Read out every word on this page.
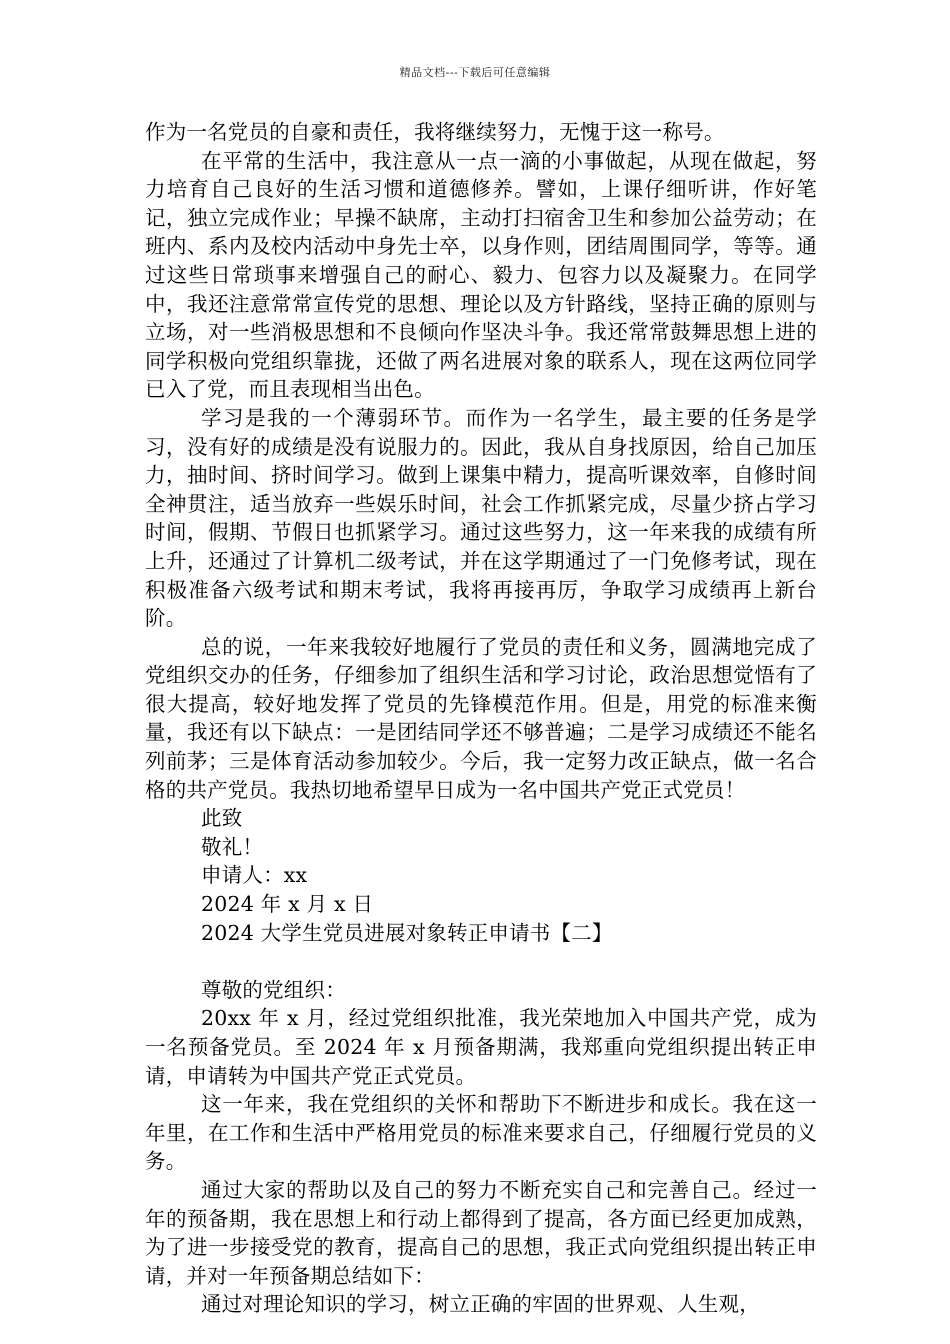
精品文档---下载后可任意编辑

作为一名党员的自豪和责任，我将继续努力，无愧于这一称号。

在平常的生活中，我注意从一点一滴的小事做起，从现在做起，努力培育自己良好的生活习惯和道德修养。譬如，上课仔细听讲，作好笔记，独立完成作业；早操不缺席，主动打扫宿舍卫生和参加公益劳动；在班内、系内及校内活动中身先士卒，以身作则，团结周围同学，等等。通过这些日常琐事来增强自己的耐心、毅力、包容力以及凝聚力。在同学中，我还注意常常宣传党的思想、理论以及方针路线，坚持正确的原则与立场，对一些消极思想和不良倾向作坚决斗争。我还常常鼓舞思想上进的同学积极向党组织靠拢，还做了两名进展对象的联系人，现在这两位同学已入了党，而且表现相当出色。

学习是我的一个薄弱环节。而作为一名学生，最主要的任务是学习，没有好的成绩是没有说服力的。因此，我从自身找原因，给自己加压力，抽时间、挤时间学习。做到上课集中精力，提高听课效率，自修时间全神贯注，适当放弃一些娱乐时间，社会工作抓紧完成，尽量少挤占学习时间，假期、节假日也抓紧学习。通过这些努力，这一年来我的成绩有所上升，还通过了计算机二级考试，并在这学期通过了一门免修考试，现在积极准备六级考试和期末考试，我将再接再厉，争取学习成绩再上新台阶。

总的说，一年来我较好地履行了党员的责任和义务，圆满地完成了党组织交办的任务，仔细参加了组织生活和学习讨论，政治思想觉悟有了很大提高，较好地发挥了党员的先锋模范作用。但是，用党的标准来衡量，我还有以下缺点：一是团结同学还不够普遍；二是学习成绩还不能名列前茅；三是体育活动参加较少。今后，我一定努力改正缺点，做一名合格的共产党员。我热切地希望早日成为一名中国共产党正式党员！

此致

敬礼！

申请人：xx

2024 年 x 月 x 日

2024 大学生党员进展对象转正申请书【二】

尊敬的党组织：

20xx 年 x 月，经过党组织批准，我光荣地加入中国共产党，成为一名预备党员。至 2024 年 x 月预备期满，我郑重向党组织提出转正申请，申请转为中国共产党正式党员。

这一年来，我在党组织的关怀和帮助下不断进步和成长。我在这一年里，在工作和生活中严格用党员的标准来要求自己，仔细履行党员的义务。

通过大家的帮助以及自己的努力不断充实自己和完善自己。经过一年的预备期，我在思想上和行动上都得到了提高，各方面已经更加成熟，为了进一步接受党的教育，提高自己的思想，我正式向党组织提出转正申请，并对一年预备期总结如下：

通过对理论知识的学习，树立正确的牢固的世界观、人生观，
